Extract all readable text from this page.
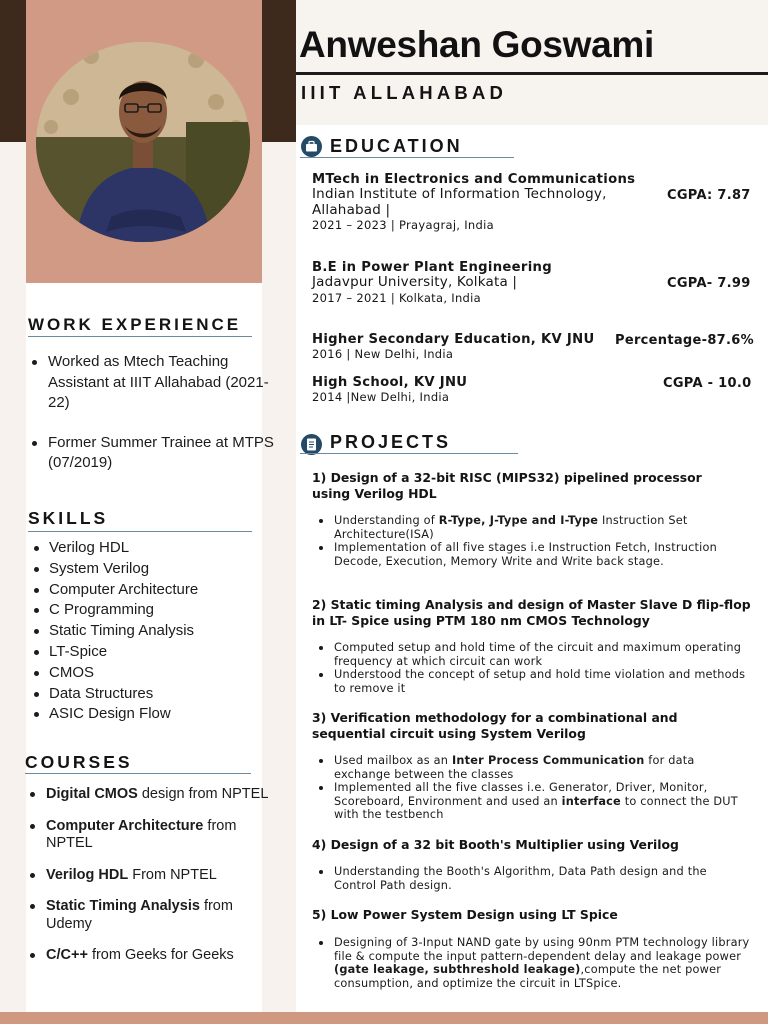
Anweshan Goswami
IIIT ALLAHABAD
WORK EXPERIENCE
Worked as Mtech Teaching Assistant at IIIT Allahabad (2021-22)
Former Summer Trainee at MTPS (07/2019)
SKILLS
Verilog HDL
System Verilog
Computer Architecture
C Programming
Static Timing Analysis
LT-Spice
CMOS
Data Structures
ASIC Design Flow
COURSES
Digital CMOS design from NPTEL
Computer Architecture from NPTEL
Verilog HDL From NPTEL
Static Timing Analysis from Udemy
C/C++ from Geeks for Geeks
EDUCATION
MTech in Electronics and Communications
Indian Institute of Information Technology, Allahabad |
2021 – 2023 | Prayagraj, India
CGPA: 7.87
B.E in Power Plant Engineering
Jadavpur University, Kolkata |
2017 – 2021 | Kolkata, India
CGPA- 7.99
Higher Secondary Education, KV JNU
2016 | New Delhi, India
Percentage-87.6%
High School, KV JNU
2014 |New Delhi, India
CGPA - 10.0
PROJECTS
1) Design of a 32-bit RISC (MIPS32) pipelined processor using Verilog HDL
Understanding of R-Type, J-Type and I-Type Instruction Set Architecture(ISA)
Implementation of all five stages i.e Instruction Fetch, Instruction Decode, Execution, Memory Write and Write back stage.
2) Static timing Analysis and design of Master Slave D flip-flop in LT- Spice using PTM 180 nm CMOS Technology
Computed setup and hold time of the circuit and maximum operating frequency at which circuit can work
Understood the concept of setup and hold time violation and methods to remove it
3) Verification methodology for a combinational and sequential circuit using System Verilog
Used mailbox as an Inter Process Communication for data exchange between the classes
Implemented all the five classes i.e. Generator, Driver, Monitor, Scoreboard, Environment and used an interface to connect the DUT with the testbench
4) Design of a 32 bit Booth's Multiplier using Verilog
Understanding the Booth's Algorithm, Data Path design and the Control Path design.
5) Low Power System Design using LT Spice
Designing of 3-Input NAND gate by using 90nm PTM technology library file & compute the input pattern-dependent delay and leakage power (gate leakage, subthreshold leakage),compute the net power consumption, and optimize the circuit in LTSpice.
